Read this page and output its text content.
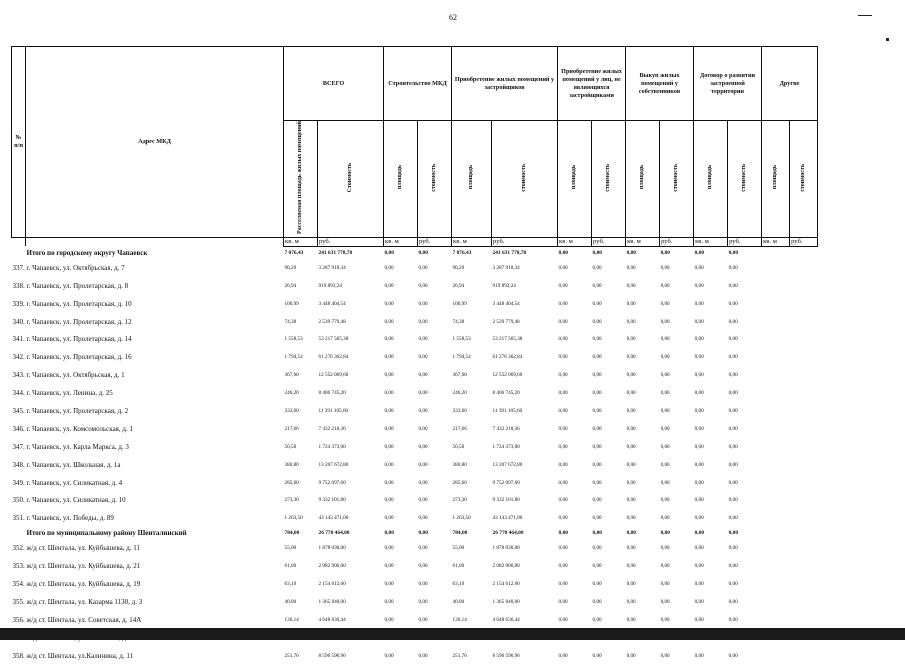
62
№ п/п	Адрес МКД	ВСЕГО		Строительство МКД		Приобретение жилых помещений у застройщиков		Приобретение жилых помещений у лиц, не являющихся застройщиками		Выкуп жилых помещений у собственников		Договор о развитии застроенной территории		Другие	
		Расселяемая площадь жилых помещений	Стоимость	площадь	стоимость	площадь	стоимость	площадь	стоимость	площадь	стоимость	площадь	стоимость	площадь	стоимость
		кв. м	руб.	кв. м	руб.	кв. м	руб.	кв. м	руб.	кв. м	руб.	кв. м	руб.	кв. м	руб.
	Итого по городскому округу Чапаевск	7 076,43	241 631 778,78	0,00	0,00	7 076,43	241 631 778,78	0,00	0,00	0,00	0,00	0,00	0,00		
337.	г. Чапаевск, ул. Октябрьская, д. 7	96,29	3 287 918,34	0,00	0,00	96,29	3 287 918,34	0,00	0,00	0,00	0,00	0,00	0,00		
338.	г. Чапаевск, ул. Пролетарская, д. 8	26,94	919 893,24	0,00	0,00	26,94	919 893,24	0,00	0,00	0,00	0,00	0,00	0,00		
339.	г. Чапаевск, ул. Пролетарская, д. 10	100,99	3 448 404,54	0,00	0,00	100,99	3 448 404,54	0,00	0,00	0,00	0,00	0,00	0,00		
340.	г. Чапаевск, ул. Пролетарская, д. 12	74,38	2 539 779,48	0,00	0,00	74,38	2 539 779,48	0,00	0,00	0,00	0,00	0,00	0,00		
341.	г. Чапаевск, ул. Пролетарская, д. 14	1 558,53	53 217 565,38	0,00	0,00	1 558,53	53 217 565,38	0,00	0,00	0,00	0,00	0,00	0,00		
342.	г. Чапаевск, ул. Пролетарская, д. 16	1 794,54	61 276 362,84	0,00	0,00	1 794,54	61 276 362,84	0,00	0,00	0,00	0,00	0,00	0,00		
343.	г. Чапаевск, ул. Октябрьская, д. 1	367,60	12 552 069,60	0,00	0,00	367,60	12 552 069,60	0,00	0,00	0,00	0,00	0,00	0,00		
344.	г. Чапаевск, ул. Ленина, д. 25	246,20	8 406 745,20	0,00	0,00	246,20	8 406 745,20	0,00	0,00	0,00	0,00	0,00	0,00		
345.	г. Чапаевск, ул. Пролетарская, д. 2	333,60	11 391 105,60	0,00	0,00	333,60	11 391 105,60	0,00	0,00	0,00	0,00	0,00	0,00		
346.	г. Чапаевск, ул. Комсомольская, д. 1	217,66	7 432 218,36	0,00	0,00	217,66	7 432 218,36	0,00	0,00	0,00	0,00	0,00	0,00		
347.	г. Чапаевск, ул. Карла Маркса, д. 3	50,50	1 724 373,00	0,00	0,00	50,50	1 724 373,00	0,00	0,00	0,00	0,00	0,00	0,00		
348.	г. Чапаевск, ул. Школьная, д. 1а	386,80	13 207 672,80	0,00	0,00	386,80	13 207 672,80	0,00	0,00	0,00	0,00	0,00	0,00		
349.	г. Чапаевск, ул. Силикатная, д. 4	285,60	9 752 097,60	0,00	0,00	285,60	9 752 097,60	0,00	0,00	0,00	0,00	0,00	0,00		
350.	г. Чапаевск, ул. Силикатная, д. 10	273,30	9 332 101,80	0,00	0,00	273,30	9 332 101,80	0,00	0,00	0,00	0,00	0,00	0,00		
351.	г. Чапаевск, ул. Победы, д. 89	1 263,50	43 143 471,00	0,00	0,00	1 263,50	43 143 471,00	0,00	0,00	0,00	0,00	0,00	0,00		
	Итого по муниципальному району Шенталинский	784,00	26 770 464,00	0,00	0,00	784,00	26 770 464,00	0,00	0,00	0,00	0,00	0,00	0,00		
352.	ж/д ст. Шентала, ул. Куйбышева, д. 11	55,00	1 878 030,00	0,00	0,00	55,00	1 878 030,00	0,00	0,00	0,00	0,00	0,00	0,00		
353.	ж/д ст. Шентала, ул. Куйбышева, д. 21	61,00	2 082 906,00	0,00	0,00	61,00	2 082 906,00	0,00	0,00	0,00	0,00	0,00	0,00		
354.	ж/д ст. Шентала, ул. Куйбышева, д. 19	63,10	2 154 612,60	0,00	0,00	63,10	2 154 612,60	0,00	0,00	0,00	0,00	0,00	0,00		
355.	ж/д ст. Шентала, ул. Казарма 1130, д. 3	40,00	1 365 840,00	0,00	0,00	40,00	1 365 840,00	0,00	0,00	0,00	0,00	0,00	0,00		
356.	ж/д ст. Шентала, ул. Советская, д. 14А	136,14	4 648 636,44	0,00	0,00	136,14	4 648 636,44	0,00	0,00	0,00	0,00	0,00	0,00		

358.	ж/д ст. Шентала, ул.Калинина, д. 11	251,76	8 596 596,96	0,00	0,00	251,76	8 596 596,96	0,00	0,00	0,00	0,00	0,00	0,00		
